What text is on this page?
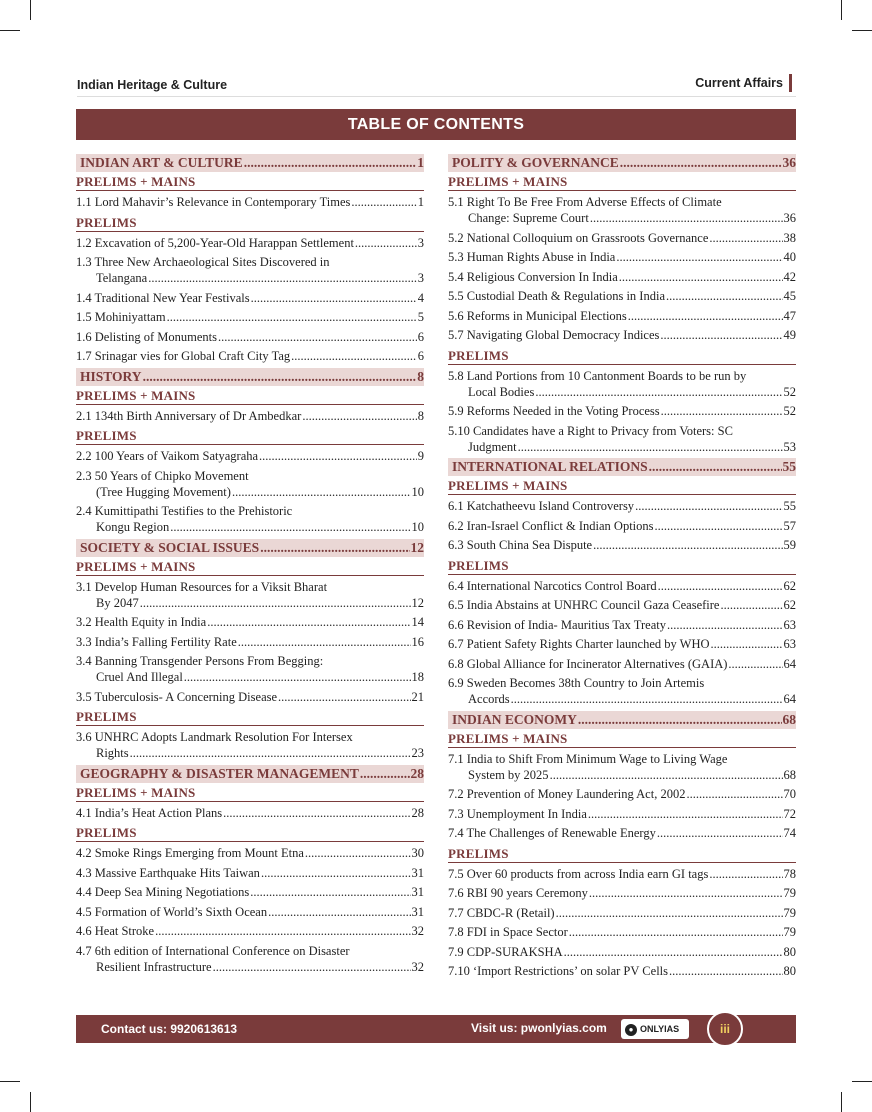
Indian Heritage & Culture	Current Affairs
TABLE OF CONTENTS
INDIAN ART & CULTURE .....	1
PRELIMS + MAINS
1.1 Lord Mahavir’s Relevance in Contemporary Times .....	1
PRELIMS
1.2 Excavation of 5,200-Year-Old Harappan Settlement .....	3
1.3 Three New Archaeological Sites Discovered in
Telangana .....	3
1.4 Traditional New Year Festivals .....	4
1.5 Mohiniyattam .....	5
1.6 Delisting of Monuments .....	6
1.7 Srinagar vies for Global Craft City Tag .....	6
HISTORY .....	8
PRELIMS + MAINS
2.1 134th Birth Anniversary of Dr Ambedkar .....	8
PRELIMS
2.2 100 Years of Vaikom Satyagraha .....	9
2.3 50 Years of Chipko Movement
(Tree Hugging Movement) .....	10
2.4 Kumittipathi Testifies to the Prehistoric
Kongu Region .....	10
SOCIETY & SOCIAL ISSUES .....	12
PRELIMS + MAINS
3.1 Develop Human Resources for a Viksit Bharat
By 2047 .....	12
3.2 Health Equity in India .....	14
3.3 India’s Falling Fertility Rate .....	16
3.4 Banning Transgender Persons From Begging:
Cruel And Illegal .....	18
3.5 Tuberculosis- A Concerning Disease .....	21
PRELIMS
3.6 UNHRC Adopts Landmark Resolution For Intersex
Rights .....	23
GEOGRAPHY & DISASTER MANAGEMENT .....	28
PRELIMS + MAINS
4.1 India’s Heat Action Plans .....	28
PRELIMS
4.2 Smoke Rings Emerging from Mount Etna .....	30
4.3 Massive Earthquake Hits Taiwan .....	31
4.4 Deep Sea Mining Negotiations .....	31
4.5 Formation of World’s Sixth Ocean .....	31
4.6 Heat Stroke .....	32
4.7 6th edition of International Conference on Disaster
Resilient Infrastructure .....	32
POLITY & GOVERNANCE .....	36
PRELIMS + MAINS
5.1 Right To Be Free From Adverse Effects of Climate
Change: Supreme Court .....	36
5.2 National Colloquium on Grassroots Governance .....	38
5.3 Human Rights Abuse in India .....	40
5.4 Religious Conversion In India .....	42
5.5 Custodial Death & Regulations in India .....	45
5.6 Reforms in Municipal Elections .....	47
5.7 Navigating Global Democracy Indices .....	49
PRELIMS
5.8 Land Portions from 10 Cantonment Boards to be run by
Local Bodies .....	52
5.9 Reforms Needed in the Voting Process .....	52
5.10 Candidates have a Right to Privacy from Voters: SC
Judgment .....	53
INTERNATIONAL RELATIONS .....	55
PRELIMS + MAINS
6.1 Katchatheevu Island Controversy .....	55
6.2 Iran-Israel Conflict & Indian Options .....	57
6.3 South China Sea Dispute .....	59
PRELIMS
6.4 International Narcotics Control Board .....	62
6.5 India Abstains at UNHRC Council Gaza Ceasefire .....	62
6.6 Revision of India- Mauritius Tax Treaty .....	63
6.7 Patient Safety Rights Charter launched by WHO .....	63
6.8 Global Alliance for Incinerator Alternatives (GAIA) .....	64
6.9 Sweden Becomes 38th Country to Join Artemis
Accords .....	64
INDIAN ECONOMY .....	68
PRELIMS + MAINS
7.1 India to Shift From Minimum Wage to Living Wage
System by 2025 .....	68
7.2 Prevention of Money Laundering Act, 2002 .....	70
7.3 Unemployment In India .....	72
7.4 The Challenges of Renewable Energy .....	74
PRELIMS
7.5 Over 60 products from across India earn GI tags .....	78
7.6 RBI 90 years Ceremony .....	79
7.7 CBDC-R (Retail) .....	79
7.8 FDI in Space Sector .....	79
7.9 CDP-SURAKSHA .....	80
7.10 ‘Import Restrictions’ on solar PV Cells .....	80
Contact us: 9920613613	Visit us: pwonlyias.com	● ONLYIAS	iii
